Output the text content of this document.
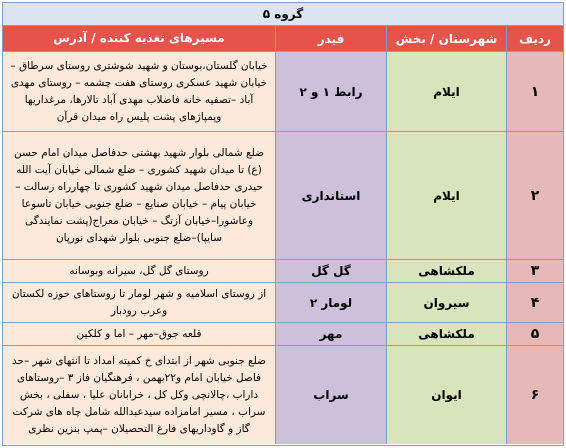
گروه ۵
ردیف
شهرستان / بخش
فیدر
مسیرهای تغذیه کننده / آدرس
۱
ایلام
رابط ۱ و ۲
خیابان گلستان،بوستان و شهید شوشتری روستای سرطاق –خیابان شهید عسکری روستای هفت چشمه – روستای مهدی آباد –تصفیه خانه فاضلاب مهدی آباد تالارها، مرغداریها وپمپاژهای پشت پلیس راه میدان قرآن
۲
ایلام
استانداری
ضلع شمالی بلوار شهید بهشتی حدفاصل میدان امام حسن (ع) تا میدان شهید کشوری – ضلع شمالی خیابان آیت الله حیدری حدفاصل میدان شهید کشوری تا چهارراه رسالت – خیابان پیام – خیابان صنایع – ضلع جنوبی خیابان تاسوعا وعاشورا–خیابان آزتگ – خیابان معراج(پشت نمایندگی سایپا)–ضلع جنوبی بلوار شهدای نورپان
۳
ملکشاهی
گل گل
روستای گل گل، سیرانه وبوسانه
۴
سیروان
لومار ۲
از روستای اسلامیه و شهر لومار تا روستاهای حوزه لکستان وعرب رودبار
۵
ملکشاهی
مهر
قلعه جوق–مهر – اما و کلکین
۶
ایوان
سراب
ضلع جنوبی شهر از ابتدای خ کمیته امداد تا انتهای شهر –حد فاصل خیابان امام و۲۲بهمن ، فرهنگیان فاز ۳ –روستاهای داراب ،چالانچی وکل کل ، خرابانان علیا ، سفلی ، بخش سراب ، مسیر امامزاده سیدعبدالله شامل چاه های شرکت گاز و گاوداریهای فارغ التحصیلان –پمپ بنزین نظری
